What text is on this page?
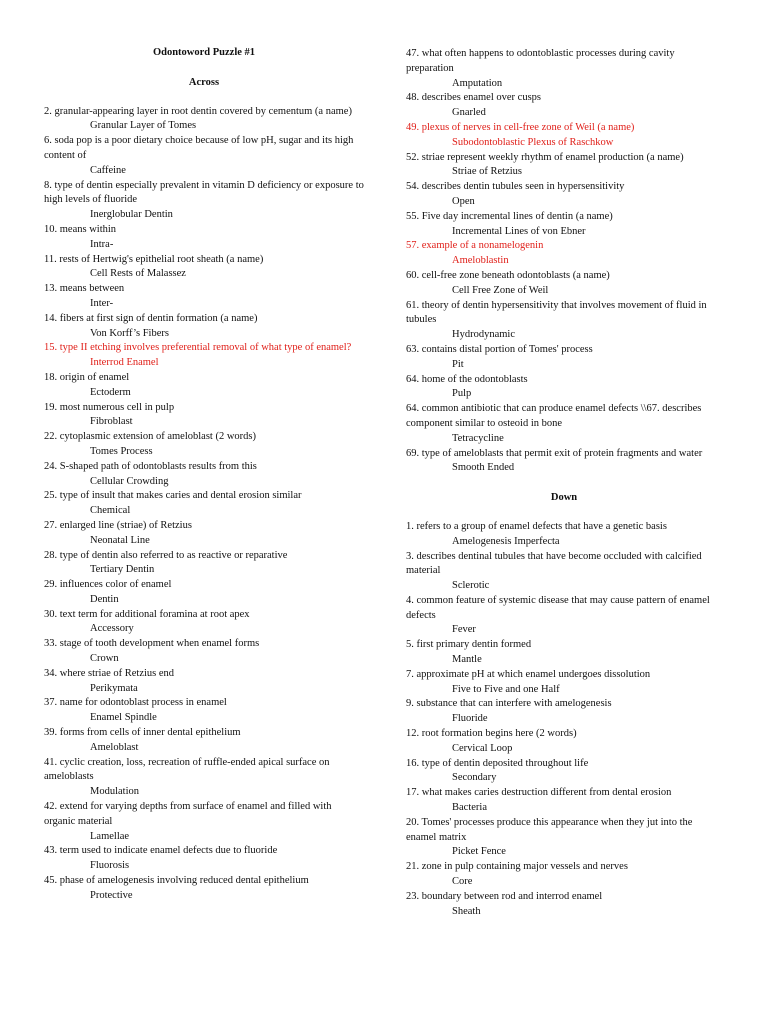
Odontoword Puzzle #1

Across

2. granular-appearing layer in root dentin covered by cementum (a name)

Granular Layer of Tomes

6. soda pop is a poor dietary choice because of low pH, sugar and its high content of

Caffeine

8. type of dentin especially prevalent in vitamin D deficiency or exposure to high levels of fluoride

Inerglobular Dentin

10. means within

Intra-

11. rests of Hertwig's epithelial root sheath (a name)

Cell Rests of Malassez

13. means between

Inter-

14. fibers at first sign of dentin formation (a name)

Von Korff’s Fibers

15. type II etching involves preferential removal of what type of enamel?

Interrod Enamel

18. origin of enamel

Ectoderm

19. most numerous cell in pulp

Fibroblast

22. cytoplasmic extension of ameloblast (2 words)

Tomes Process

24. S-shaped path of odontoblasts results from this

Cellular Crowding

25. type of insult that makes caries and dental erosion similar

Chemical

27. enlarged line (striae) of Retzius

Neonatal Line

28. type of dentin also referred to as reactive or reparative

Tertiary Dentin

29. influences color of enamel

Dentin

30. text term for additional foramina at root apex

Accessory

33. stage of tooth development when enamel forms

Crown

34. where striae of Retzius end

Perikymata

37. name for odontoblast process in enamel

Enamel Spindle

39. forms from cells of inner dental epithelium

Ameloblast

41. cyclic creation, loss, recreation of ruffle-ended apical surface on ameloblasts

Modulation

42. extend for varying depths from surface of enamel and filled with organic material

Lamellae

43. term used to indicate enamel defects due to fluoride

Fluorosis

45. phase of amelogenesis involving reduced dental epithelium

Protective

47. what often happens to odontoblastic processes during cavity preparation

Amputation

48. describes enamel over cusps

Gnarled

49. plexus of nerves in cell-free zone of Weil (a name)

Subodontoblastic Plexus of Raschkow

52. striae represent weekly rhythm of enamel production (a name)

Striae of Retzius

54. describes dentin tubules seen in hypersensitivity

Open

55. Five day incremental lines of dentin (a name)

Incremental Lines of von Ebner

57. example of a nonamelogenin

Ameloblastin

60. cell-free zone beneath odontoblasts (a name)

Cell Free Zone of Weil

61. theory of dentin hypersensitivity that involves movement of fluid in tubules

Hydrodynamic

63. contains distal portion of Tomes' process

Pit

64. home of the odontoblasts

Pulp

64. common antibiotic that can produce enamel defects \\67. describes component similar to osteoid in bone

Tetracycline

69. type of ameloblasts that permit exit of protein fragments and water

Smooth Ended

Down

1. refers to a group of enamel defects that have a genetic basis

Amelogenesis Imperfecta

3. describes dentinal tubules that have become occluded with calcified material

Sclerotic

4. common feature of systemic disease that may cause pattern of enamel defects

Fever

5. first primary dentin formed

Mantle

7. approximate pH at which enamel undergoes dissolution

Five to Five and one Half

9. substance that can interfere with amelogenesis

Fluoride

12. root formation begins here (2 words)

Cervical Loop

16. type of dentin deposited throughout life

Secondary

17. what makes caries destruction different from dental erosion

Bacteria

20. Tomes' processes produce this appearance when they jut into the enamel matrix

Picket Fence

21. zone in pulp containing major vessels and nerves

Core

23. boundary between rod and interrod enamel

Sheath
